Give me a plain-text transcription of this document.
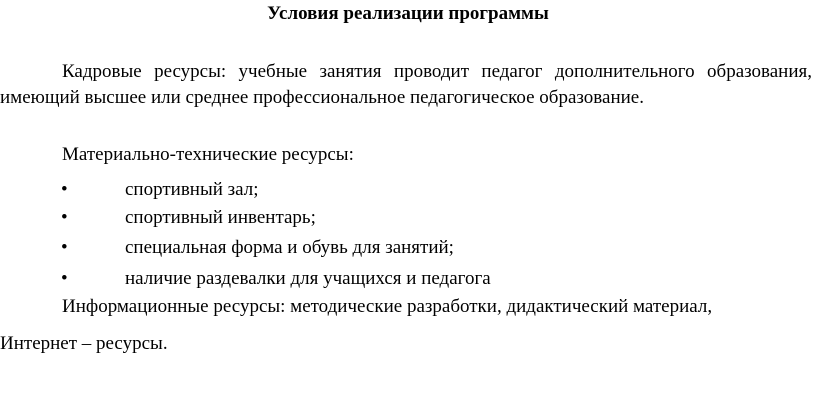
Условия реализации программы

Кадровые ресурсы: учебные занятия проводит педагог дополнительного образования, имеющий высшее или среднее профессиональное педагогическое образование.

Материально-технические ресурсы:
•	спортивный зал;
•	спортивный инвентарь;
•	специальная форма и обувь для занятий;
•	наличие раздевалки для учащихся и педагога
Информационные ресурсы: методические разработки, дидактический материал,
Интернет – ресурсы.
